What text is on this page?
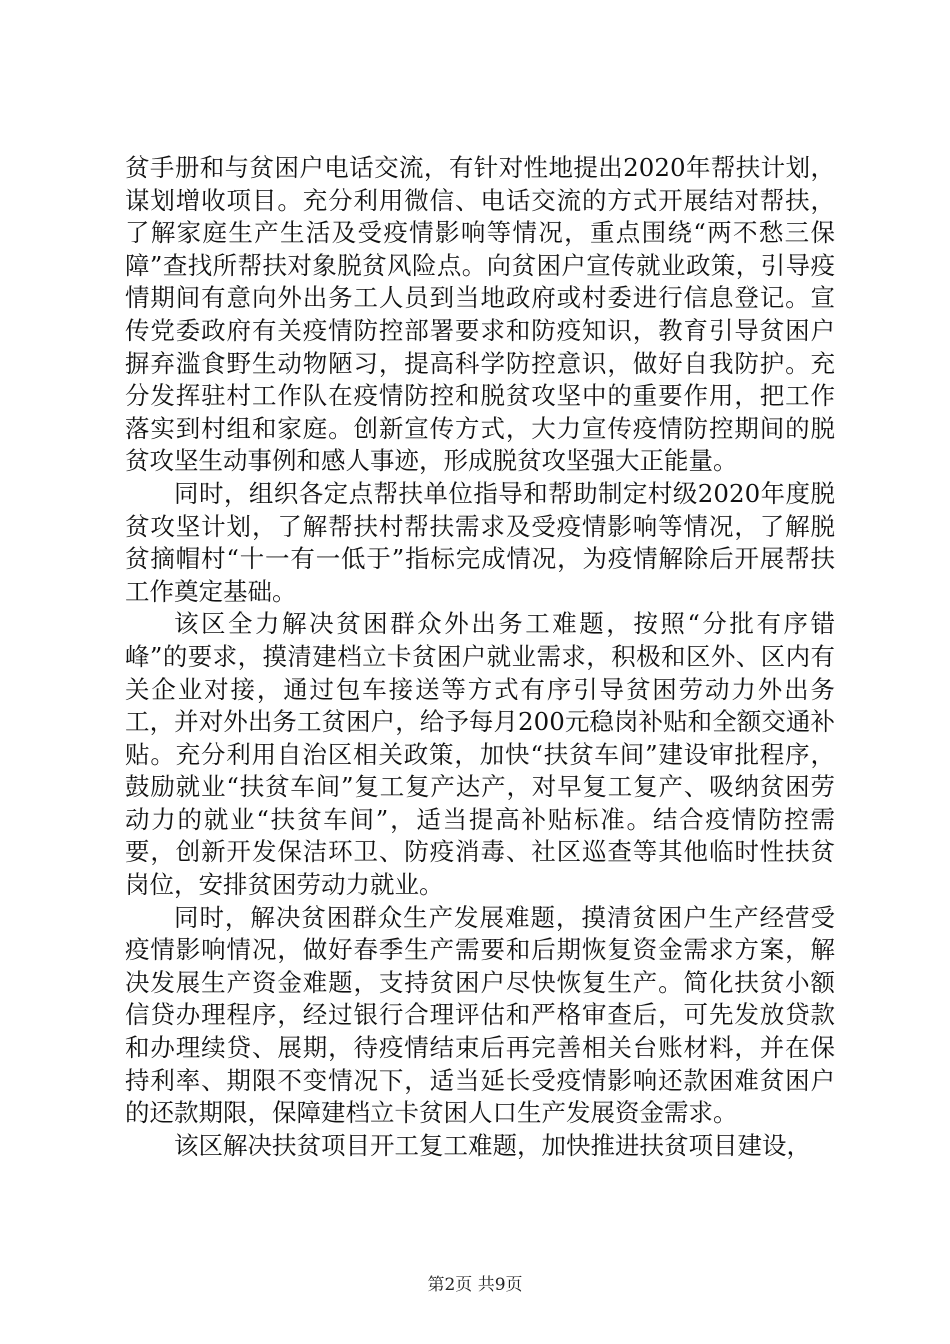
贫手册和与贫困户电话交流，有针对性地提出2020年帮扶计划，谋划增收项目。充分利用微信、电话交流的方式开展结对帮扶，了解家庭生产生活及受疫情影响等情况，重点围绕“两不愁三保障”查找所帮扶对象脱贫风险点。向贫困户宣传就业政策，引导疫情期间有意向外出务工人员到当地政府或村委进行信息登记。宣传党委政府有关疫情防控部署要求和防疫知识，教育引导贫困户摒弃滥食野生动物陋习，提高科学防控意识，做好自我防护。充分发挥驻村工作队在疫情防控和脱贫攻坚中的重要作用，把工作落实到村组和家庭。创新宣传方式，大力宣传疫情防控期间的脱贫攻坚生动事例和感人事迹，形成脱贫攻坚强大正能量。

同时，组织各定点帮扶单位指导和帮助制定村级2020年度脱贫攻坚计划，了解帮扶村帮扶需求及受疫情影响等情况，了解脱贫摘帽村“十一有一低于”指标完成情况，为疫情解除后开展帮扶工作奠定基础。

该区全力解决贫困群众外出务工难题，按照“分批有序错峰”的要求，摸清建档立卡贫困户就业需求，积极和区外、区内有关企业对接，通过包车接送等方式有序引导贫困劳动力外出务工，并对外出务工贫困户，给予每月200元稳岗补贴和全额交通补贴。充分利用自治区相关政策，加快“扶贫车间”建设审批程序，鼓励就业“扶贫车间”复工复产达产，对早复工复产、吸纳贫困劳动力的就业“扶贫车间”，适当提高补贴标准。结合疫情防控需要，创新开发保洁环卫、防疫消毒、社区巡查等其他临时性扶贫岗位，安排贫困劳动力就业。

同时，解决贫困群众生产发展难题，摸清贫困户生产经营受疫情影响情况，做好春季生产需要和后期恢复资金需求方案，解决发展生产资金难题，支持贫困户尽快恢复生产。简化扶贫小额信贷办理程序，经过银行合理评估和严格审查后，可先发放贷款和办理续贷、展期，待疫情结束后再完善相关台账材料，并在保持利率、期限不变情况下，适当延长受疫情影响还款困难贫困户的还款期限，保障建档立卡贫困人口生产发展资金需求。

该区解决扶贫项目开工复工难题，加快推进扶贫项目建设，

第2页 共9页
